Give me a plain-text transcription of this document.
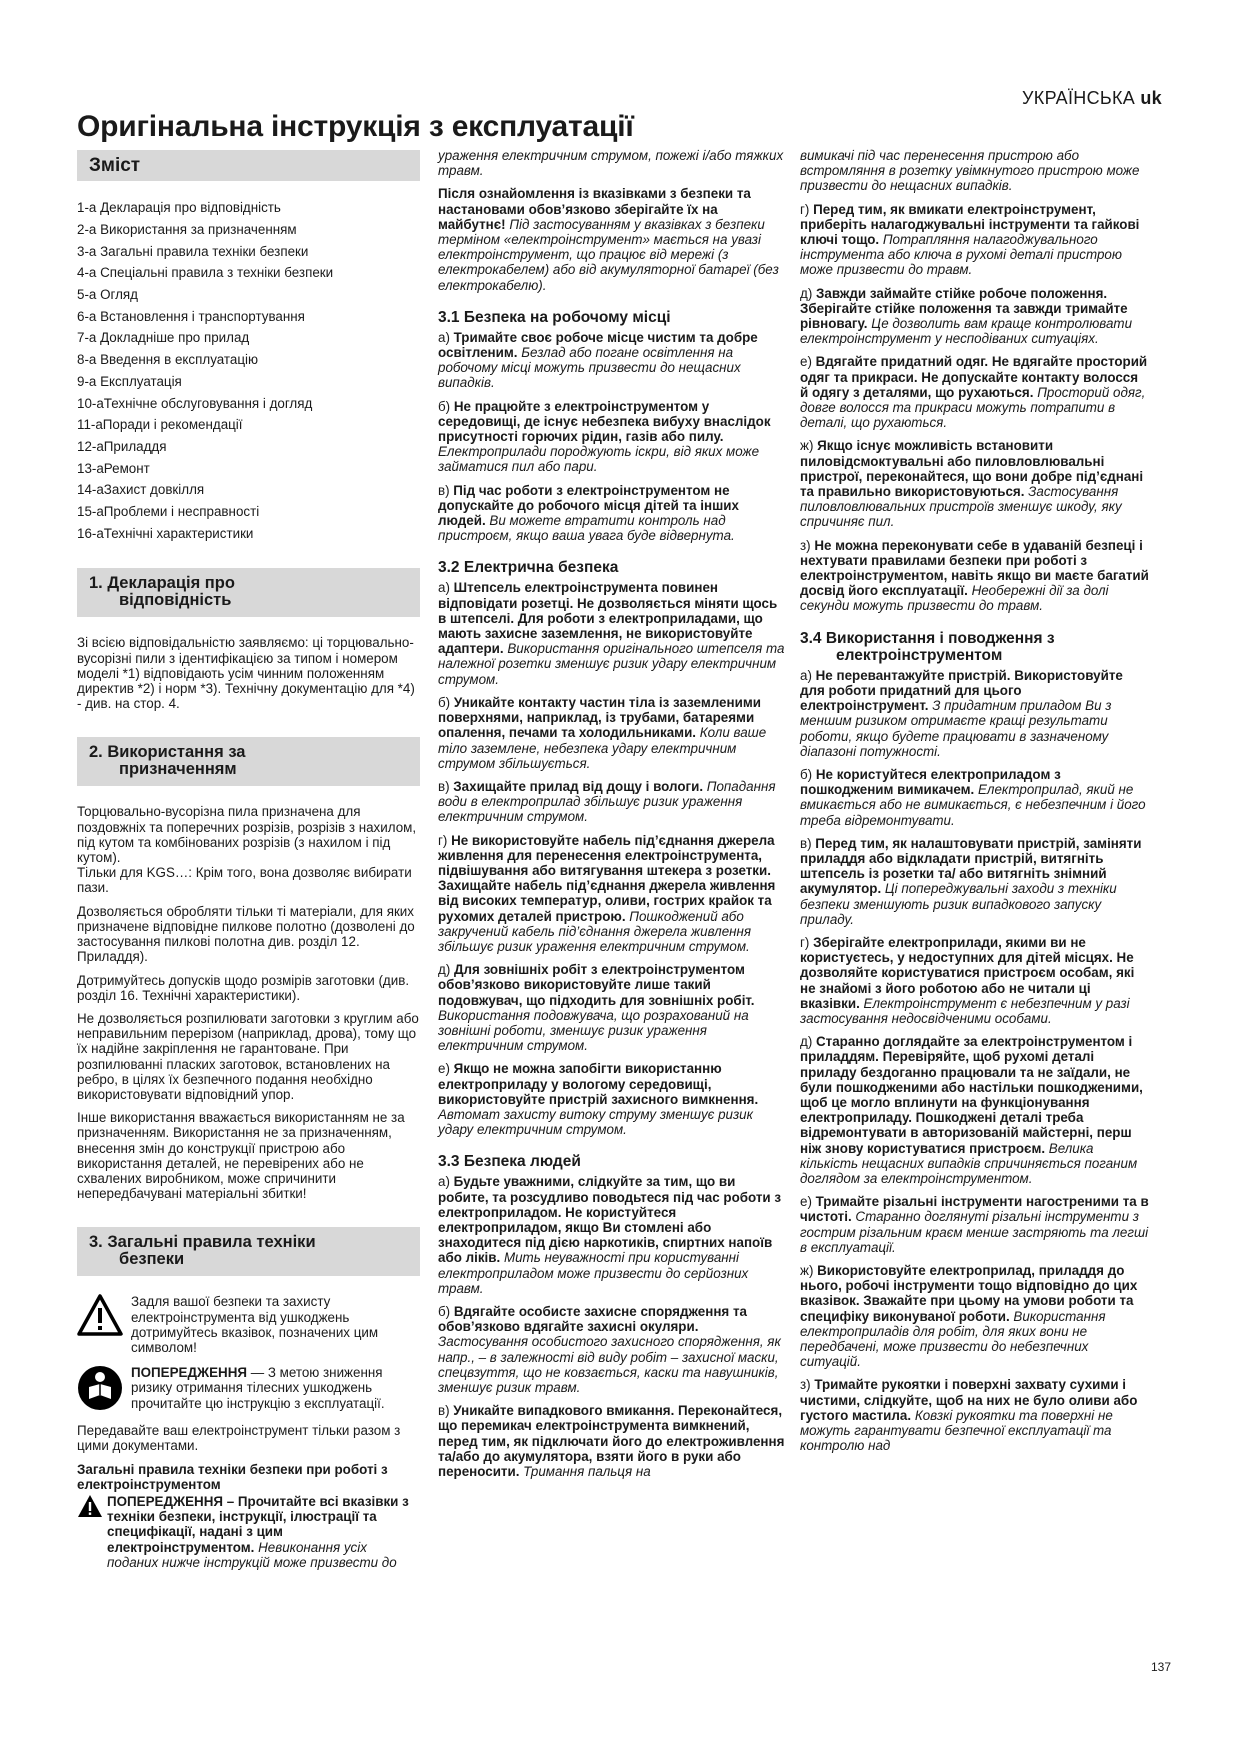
УКРАЇНСЬКА uk
Оригінальна інструкція з експлуатації
Зміст
1-а Декларація про відповідність
2-а Використання за призначенням
3-а Загальні правила техніки безпеки
4-а Спеціальні правила з техніки безпеки
5-а Огляд
6-а Встановлення і транспортування
7-а Докладніше про прилад
8-а Введення в експлуатацію
9-а Експлуатація
10-аТехнічне обслуговування і догляд
11-аПоради і рекомендації
12-аПриладдя
13-аРемонт
14-аЗахист довкілля
15-аПроблеми і несправності
16-аТехнічні характеристики
1. Декларація про
відповідність

Зі всією відповідальністю заявляємо: ці торцювально-вусорізні пили з ідентифікацією за типом і номером моделі *1) відповідають усім чинним положенням директив *2) і норм *3). Технічну документацію для *4) - див. на стор. 4.

2. Використання за
призначенням

Торцювально-вусорізна пила призначена для поздовжніх та поперечних розрізів, розрізів з нахилом, під кутом та комбінованих розрізів (з нахилом і під кутом).

Тільки для KGS…: Крім того, вона дозволяє вибирати пази.

Дозволяється обробляти тільки ті матеріали, для яких призначене відповідне пилкове полотно (дозволені до застосування пилкові полотна див. розділ 12. Приладдя).

Дотримуйтесь допусків щодо розмірів заготовки (див. розділ 16. Технічні характеристики).

Не дозволяється розпилювати заготовки з круглим або неправильним перерізом (наприклад, дрова), тому що їх надійне закріплення не гарантоване. При розпилюванні пласких заготовок, встановлених на ребро, в цілях їх безпечного подання необхідно використовувати відповідний упор.

Інше використання вважається використанням не за призначенням. Використання не за призначенням, внесення змін до конструкції пристрою або використання деталей, не перевірених або не схвалених виробником, може спричинити непередбачувані матеріальні збитки!

3. Загальні правила техніки
безпеки
Задля вашої безпеки та захисту електроінструмента від ушкоджень дотримуйтесь вказівок, позначених цим символом!
ПОПЕРЕДЖЕННЯ — З метою зниження ризику отримання тілесних ушкоджень прочитайте цю інструкцію з експлуатації.

Передавайте ваш електроінструмент тільки разом з цими документами.

Загальні правила техніки безпеки при роботі з електроінструментом

ПОПЕРЕДЖЕННЯ – Прочитайте всі вказівки з техніки безпеки, інструкції, ілюстрації та специфікації, надані з цим електроінструментом. Невиконання усіх поданих нижче інструкцій може призвести до

ураження електричним струмом, пожежі і/або тяжких травм.

Після ознайомлення із вказівками з безпеки та настановами обов’язково зберігайте їх на майбутнє! Під застосуванням у вказівках з безпеки терміном «електроінструмент» мається на увазі електроінструмент, що працює від мережі (з електрокабелем) або від акумуляторної батареї (без електрокабелю).

3.1 Безпека на робочому місці

а) Тримайте своє робоче місце чистим та добре освітленим. Безлад або погане освітлення на робочому місці можуть призвести до нещасних випадків.

б) Не працюйте з електроінструментом у середовищі, де існує небезпека вибуху внаслідок присутності горючих рідин, газів або пилу. Електроприлади породжують іскри, від яких може займатися пил або пари.

в) Під час роботи з електроінструментом не допускайте до робочого місця дітей та інших людей. Ви можете втратити контроль над пристроєм, якщо ваша увага буде відвернута.

3.2 Електрична безпека

а) Штепсель електроінструмента повинен відповідати розетці. Не дозволяється міняти щось в штепселі. Для роботи з електроприладами, що мають захисне заземлення, не використовуйте адаптери. Використання оригінального штепселя та належної розетки зменшує ризик удару електричним струмом.

б) Уникайте контакту частин тіла із заземленими поверхнями, наприклад, із трубами, батареями опалення, печами та холодильниками. Коли ваше тіло заземлене, небезпека удару електричним струмом збільшується.

в) Захищайте прилад від дощу і вологи. Попадання води в електроприлад збільшує ризик ураження електричним струмом.

г) Не використовуйте набель під’єднання джерела живлення для перенесення електроінструмента, підвішування або витягування штекера з розетки. Захищайте набель під’єднання джерела живлення від високих температур, оливи, гострих крайок та рухомих деталей пристрою. Пошкоджений або закручений кабель під’єднання джерела живлення збільшує ризик ураження електричним струмом.

д) Для зовнішніх робіт з електроінструментом обов’язково використовуйте лише такий подовжувач, що підходить для зовнішніх робіт. Використання подовжувача, що розрахований на зовнішні роботи, зменшує ризик ураження електричним струмом.

е) Якщо не можна запобігти використанню електроприладу у вологому середовищі, використовуйте пристрій захисного вимкнення. Автомат захисту витоку струму зменшує ризик удару електричним струмом.

3.3 Безпека людей

а) Будьте уважними, слідкуйте за тим, що ви робите, та розсудливо поводьтеся під час роботи з електроприладом. Не користуйтеся електроприладом, якщо Ви стомлені або знаходитеся під дією наркотиків, спиртних напоїв або ліків. Мить неуважності при користуванні електроприладом може призвести до серйозних травм.

б) Вдягайте особисте захисне спорядження та обов’язково вдягайте захисні окуляри. Застосування особистого захисного спорядження, як напр., – в залежності від виду робіт – захисної маски, спецвзуття, що не ковзається, каски та навушників, зменшує ризик травм.

в) Уникайте випадкового вмикання. Переконайтеся, що перемикач електроінструмента вимкнений, перед тим, як підключати його до електроживлення та/або до акумулятора, взяти його в руки або переносити. Тримання пальця на

вимикачі під час перенесення пристрою або встромляння в розетку увімкнутого пристрою може призвести до нещасних випадків.

г) Перед тим, як вмикати електроінструмент, приберіть налагоджувальні інструменти та гайкові ключі тощо. Потрапляння налагоджувального інструмента або ключа в рухомі деталі пристрою може призвести до травм.

д) Завжди займайте стійке робоче положення. Зберігайте стійке положення та завжди тримайте рівновагу. Це дозволить вам краще контролювати електроінструмент у несподіваних ситуаціях.

е) Вдягайте придатний одяг. Не вдягайте просторий одяг та прикраси. Не допускайте контакту волосся й одягу з деталями, що рухаються. Просторий одяг, довге волосся та прикраси можуть потрапити в деталі, що рухаються.

ж) Якщо існує можливість встановити пиловідсмоктувальні або пиловловлювальні пристрої, переконайтеся, що вони добре під’єднані та правильно використовуються. Застосування пиловловлювальних пристроїв зменшує шкоду, яку спричиняє пил.

з) Не можна переконувати себе в удаваній безпеці і нехтувати правилами безпеки при роботі з електроінструментом, навіть якщо ви маєте багатий досвід його експлуатації. Необережні дії за долі секунди можуть призвести до травм.

3.4 Використання і поводження з
електроінструментом

а) Не перевантажуйте пристрій. Використовуйте для роботи придатний для цього електроінструмент. З придатним приладом Ви з меншим ризиком отримаєте кращі результати роботи, якщо будете працювати в зазначеному діапазоні потужності.

б) Не користуйтеся електроприладом з пошкодженим вимикачем. Електроприлад, який не вмикається або не вимикається, є небезпечним і його треба відремонтувати.

в) Перед тим, як налаштовувати пристрій, заміняти приладдя або відкладати пристрій, витягніть штепсель із розетки та/ або витягніть знімний акумулятор. Ці попереджувальні заходи з техніки безпеки зменшують ризик випадкового запуску приладу.

г) Зберігайте електроприлади, якими ви не користуєтесь, у недоступних для дітей місцях. Не дозволяйте користуватися пристроєм особам, які не знайомі з його роботою або не читали ці вказівки. Електроінструмент є небезпечним у разі застосування недосвідченими особами.

д) Старанно доглядайте за електроінструментом і приладдям. Перевіряйте, щоб рухомі деталі приладу бездоганно працювали та не заїдали, не були пошкодженими або настільки пошкодженими, щоб це могло вплинути на функціонування електроприладу. Пошкоджені деталі треба відремонтувати в авторизованій майстерні, перш ніж знову користуватися пристроєм. Велика кількість нещасних випадків спричиняється поганим доглядом за електроінструментом.

е) Тримайте різальні інструменти нагостреними та в чистоті. Старанно доглянуті різальні інструменти з гострим різальним краєм менше застряють та легші в експлуатації.

ж) Використовуйте електроприлад, приладдя до нього, робочі інструменти тощо відповідно до цих вказівок. Зважайте при цьому на умови роботи та специфіку виконуваної роботи. Використання електроприладів для робіт, для яких вони не передбачені, може призвести до небезпечних ситуацій.

з) Тримайте рукоятки і поверхні захвату сухими і чистими, слідкуйте, щоб на них не було оливи або густого мастила. Ковзкі рукоятки та поверхні не можуть гарантувати безпечної експлуатації та контролю над

137
